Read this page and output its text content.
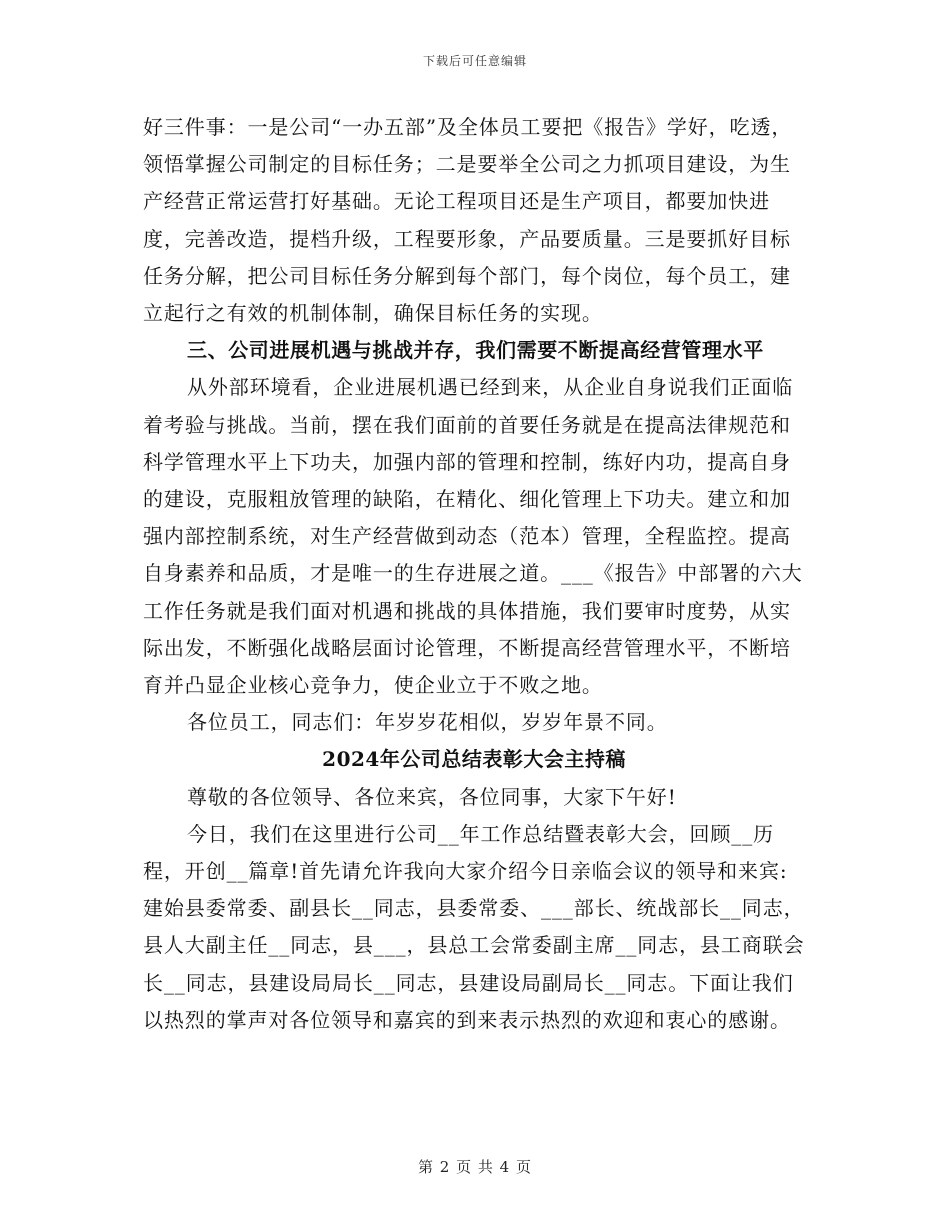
下载后可任意编辑

好三件事：一是公司“一办五部”及全体员工要把《报告》学好，吃透，领悟掌握公司制定的目标任务；二是要举全公司之力抓项目建设，为生产经营正常运营打好基础。无论工程项目还是生产项目，都要加快进度，完善改造，提档升级，工程要形象，产品要质量。三是要抓好目标任务分解，把公司目标任务分解到每个部门，每个岗位，每个员工，建立起行之有效的机制体制，确保目标任务的实现。

三、公司进展机遇与挑战并存，我们需要不断提高经营管理水平

从外部环境看，企业进展机遇已经到来，从企业自身说我们正面临着考验与挑战。当前，摆在我们面前的首要任务就是在提高法律规范和科学管理水平上下功夫，加强内部的管理和控制，练好内功，提高自身的建设，克服粗放管理的缺陷，在精化、细化管理上下功夫。建立和加强内部控制系统，对生产经营做到动态（范本）管理，全程监控。提高自身素养和品质，才是唯一的生存进展之道。___《报告》中部署的六大工作任务就是我们面对机遇和挑战的具体措施，我们要审时度势，从实际出发，不断强化战略层面讨论管理，不断提高经营管理水平，不断培育并凸显企业核心竞争力，使企业立于不败之地。

各位员工，同志们：年岁岁花相似，岁岁年景不同。

2024年公司总结表彰大会主持稿

尊敬的各位领导、各位来宾，各位同事，大家下午好!

今日，我们在这里进行公司__年工作总结暨表彰大会，回顾__历程，开创__篇章!首先请允许我向大家介绍今日亲临会议的领导和来宾:建始县委常委、副县长__同志，县委常委、___部长、统战部长__同志，县人大副主任__同志，县___，县总工会常委副主席__同志，县工商联会长__同志，县建设局局长__同志，县建设局副局长__同志。下面让我们以热烈的掌声对各位领导和嘉宾的到来表示热烈的欢迎和衷心的感谢。

第 2 页 共 4 页
